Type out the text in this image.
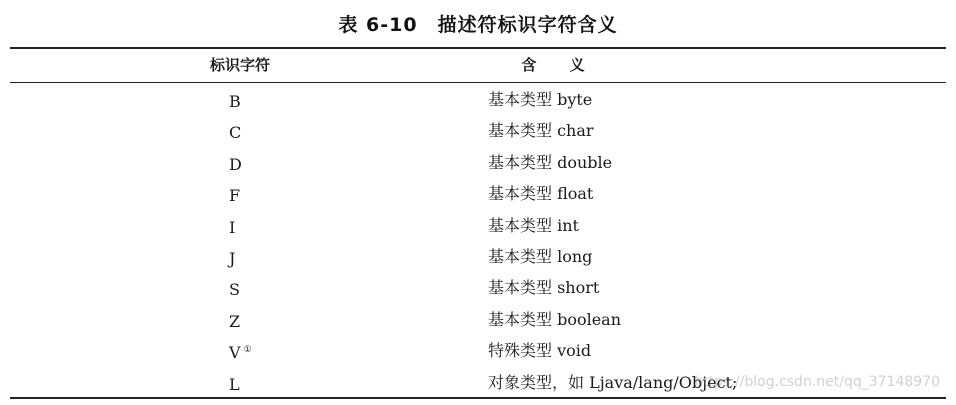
表 6-10　描述符标识字符含义
标识字符	含 义
B	基本类型 byte
C	基本类型 char
D	基本类型 double
F	基本类型 float
I	基本类型 int
J	基本类型 long
S	基本类型 short
Z	基本类型 boolean
V ①	特殊类型 void
L	对象类型，如 Ljava/lang/Object;
https://blog.csdn.net/qq_37148970
